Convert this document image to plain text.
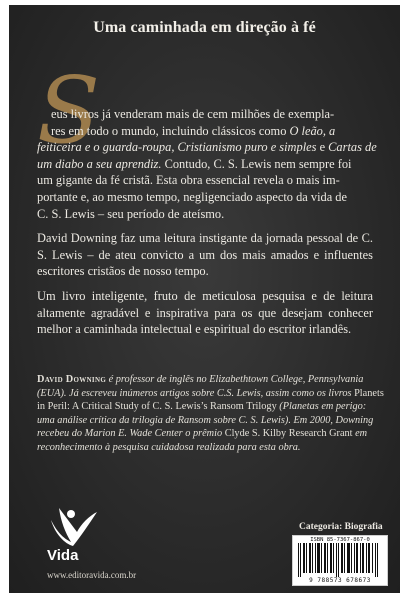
Uma caminhada em direção à fé
S
eus livros já venderam mais de cem milhões de exempla-
res em todo o mundo, incluindo clássicos como O leão, a
feiticeira e o guarda-roupa, Cristianismo puro e simples e Cartas de
um diabo a seu aprendiz. Contudo, C. S. Lewis nem sempre foi
um gigante da fé cristã. Esta obra essencial revela o mais im-
portante e, ao mesmo tempo, negligenciado aspecto da vida de
C. S. Lewis – seu período de ateísmo.
David Downing faz uma leitura instigante da jornada pessoal de C. S. Lewis – de ateu convicto a um dos mais amados e influentes escritores cristãos de nosso tempo.
Um livro inteligente, fruto de meticulosa pesquisa e de leitura altamente agradável e inspirativa para os que desejam conhecer melhor a caminhada intelectual e espiritual do escritor irlandês.
David Downing é professor de inglês no Elizabethtown College, Pennsylvania
(EUA). Já escreveu inúmeros artigos sobre C.S. Lewis, assim como os livros Planets
in Peril: A Critical Study of C. S. Lewis’s Ransom Trilogy (Planetas em perigo:
uma análise crítica da trilogia de Ransom sobre C. S. Lewis). Em 2000, Downing
recebeu do Marion E. Wade Center o prêmio Clyde S. Kilby Research Grant em
reconhecimento à pesquisa cuidadosa realizada para esta obra.
Vida
www.editoravida.com.br
Categoria: Biografia
ISBN 85-7367-867-0
9 788573 678673
